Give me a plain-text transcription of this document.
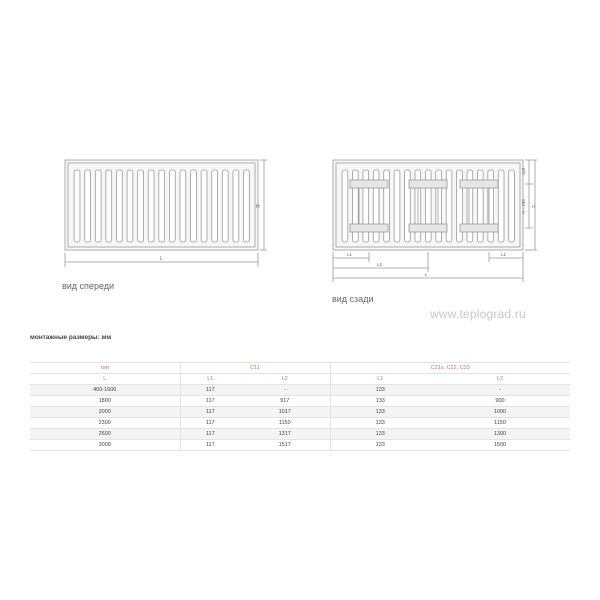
L
H
вид спереди
L1	L1
L2
L
110
H - 180 H
вид сзади
www.teplograd.ru
монтажные размеры: мм
тип	C11		C21s, C22, C33	
L	L1	L2	L1	L2
400-1600	117	-	133	-
1800	117	917	133	900
2000	117	1017	133	1000
2300	117	1150	133	1150
2600	117	1317	133	1300
3000	117	1517	133	1500
